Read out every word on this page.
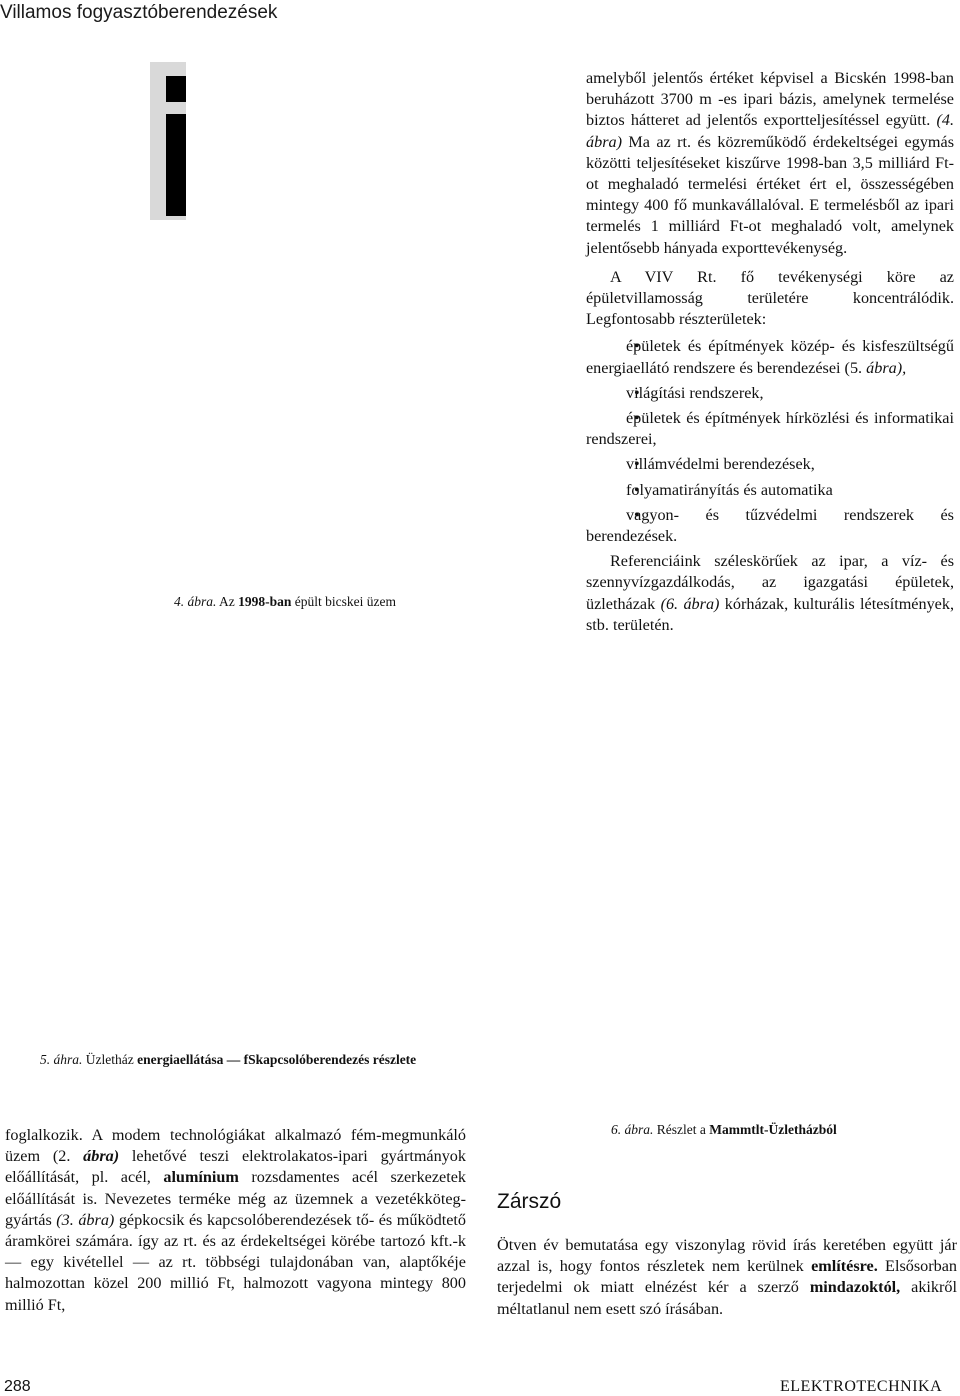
Villamos fogyasztóberendezések

amelyből jelentős értéket képvisel a Bicskén 1998-ban beruházott 3700 m -es ipari bázis, amelynek termelése biztos hátteret ad jelentős exportteljesítéssel együtt. (4. ábra) Ma az rt. és közreműködő érdekeltségei egymás közötti teljesítéseket kiszűrve 1998-ban 3,5 milliárd Ft-ot meghaladó termelési értéket ért el, összességében mintegy 400 fő munkavállalóval. E termelésből az ipari termelés 1 milliárd Ft-ot meghaladó volt, amelynek jelentősebb hányada exporttevékenység.

A VIV Rt. fő tevékenységi köre az épületvillamosság területére koncentrálódik. Legfontosabb részterületek:

• épületek és építmények közép- és kisfeszültségű energiaellátó rendszere és berendezései (5. ábra),
• világítási rendszerek,
• épületek és építmények hírközlési és informatikai rendszerei,
• villámvédelmi berendezések,
• folyamatirányítás és automatika
• vagyon- és tűzvédelmi rendszerek és berendezések.

Referenciáink széleskörűek az ipar, a víz- és szennyvízgazdálkodás, az igazgatási épületek, üzletházak (6. ábra) kórházak, kulturális létesítmények, stb. területén.

4. ábra. Az 1998-ban épült bicskei üzem
5. áhra. Üzletház energiaellátása — fSkapcsolóberendezés részlete
6. ábra. Részlet a Mammtlt-Üzletházból

foglalkozik. A modem technológiákat alkalmazó fém-megmunkáló üzem (2. ábra) lehetővé teszi elektrolakatos-ipari gyártmányok előállítását, pl. acél, alumínium rozsdamentes acél szerkezetek előállítását is. Nevezetes terméke még az üzemnek a vezetékköteg-gyártás (3. ábra) gépkocsik és kapcsolóberendezések tő- és működtető áramkörei számára. így az rt. és az érdekeltségei körébe tartozó kft.-k — egy kivétellel — az rt. többségi tulajdonában van, alaptőkéje halmozottan közel 200 millió Ft, halmozott vagyona mintegy 800 millió Ft,

Zárszó

Ötven év bemutatása egy viszonylag rövid írás keretében együtt jár azzal is, hogy fontos részletek nem kerülnek említésre. Elsősorban terjedelmi ok miatt elnézést kér a szerző mindazoktól, akikről méltatlanul nem esett szó írásában.

288	ELEKTROTECHNIKA
